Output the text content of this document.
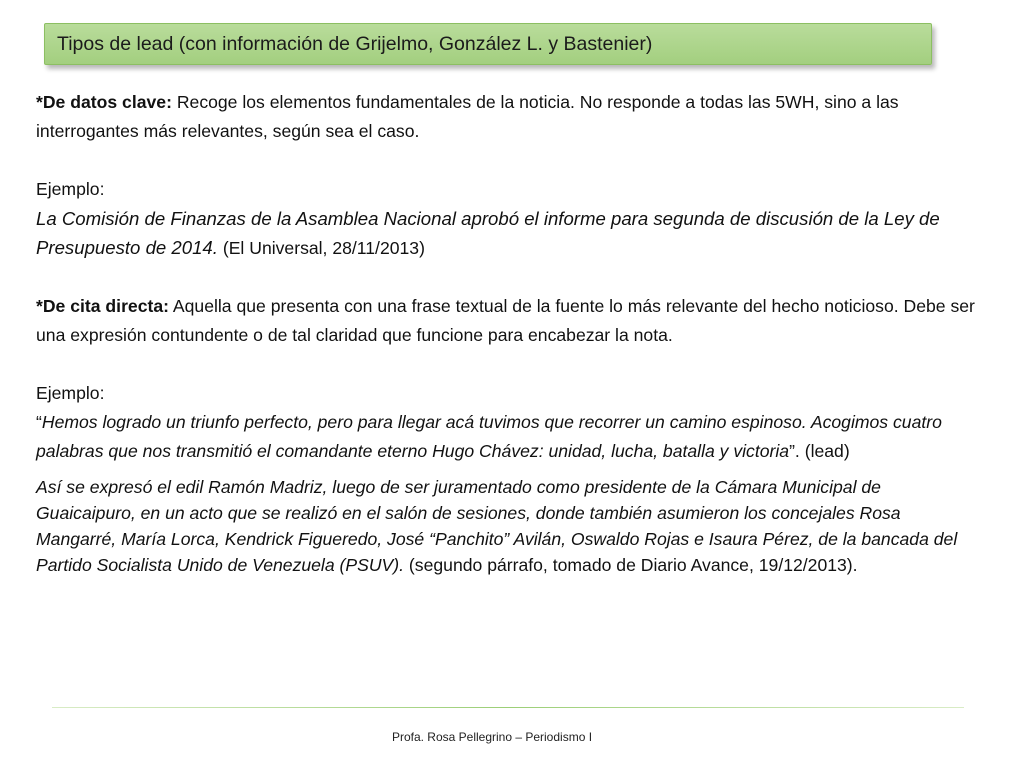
Tipos de lead (con información de Grijelmo, González L. y Bastenier)

*De datos clave: Recoge los elementos fundamentales de la noticia. No responde a todas las 5WH, sino a las interrogantes más relevantes, según sea el caso.

Ejemplo:

La Comisión de Finanzas de la Asamblea Nacional aprobó el informe para segunda de discusión de la Ley de Presupuesto de 2014. (El Universal, 28/11/2013)

*De cita directa: Aquella que presenta con una frase textual de la fuente lo más relevante del hecho noticioso. Debe ser una expresión contundente o de tal claridad que funcione para encabezar la nota.

Ejemplo:

“Hemos logrado un triunfo perfecto, pero para llegar acá tuvimos que recorrer un camino espinoso. Acogimos cuatro palabras que nos transmitió el comandante eterno Hugo Chávez: unidad, lucha, batalla y victoria”. (lead)

Así se expresó el edil Ramón Madriz, luego de ser juramentado como presidente de la Cámara Municipal de Guaicaipuro, en un acto que se realizó en el salón de sesiones, donde también asumieron los concejales Rosa Mangarré, María Lorca, Kendrick Figueredo, José “Panchito” Avilán, Oswaldo Rojas e Isaura Pérez, de la bancada del Partido Socialista Unido de Venezuela (PSUV). (segundo párrafo, tomado de Diario Avance, 19/12/2013).

Profa. Rosa Pellegrino – Periodismo I
